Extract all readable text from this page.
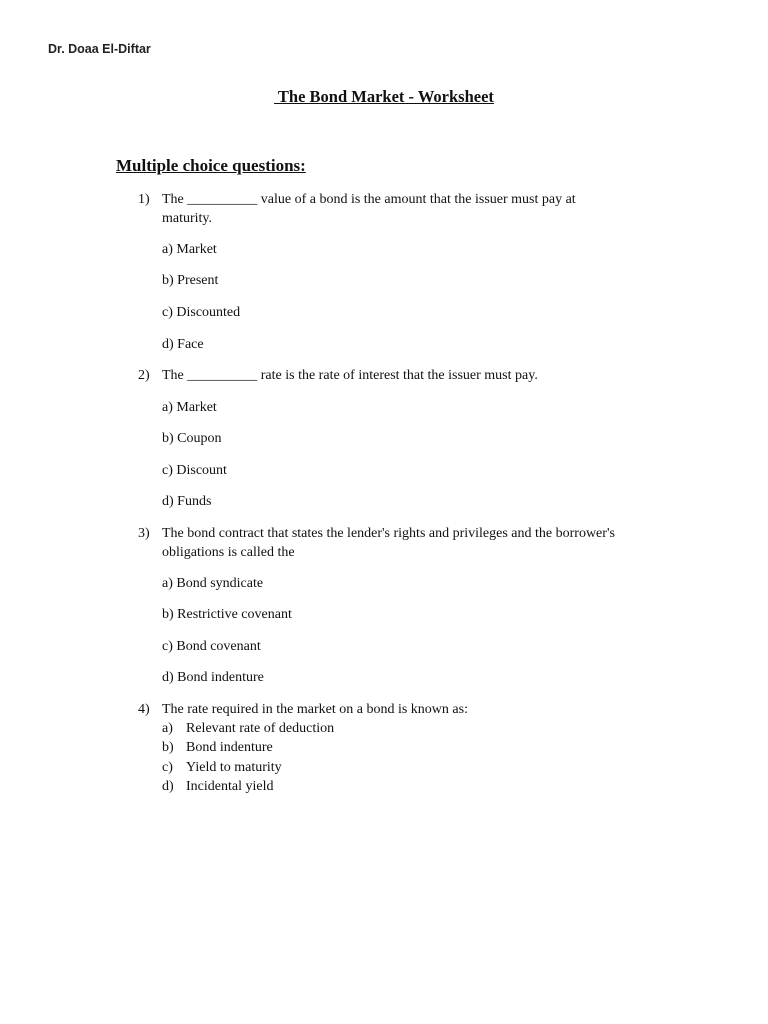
Dr. Doaa El-Diftar
The Bond Market - Worksheet
Multiple choice questions:
1) The __________ value of a bond is the amount that the issuer must pay at maturity.
a) Market
b) Present
c) Discounted
d) Face
2) The __________ rate is the rate of interest that the issuer must pay.
a) Market
b) Coupon
c) Discount
d) Funds
3) The bond contract that states the lender's rights and privileges and the borrower's obligations is called the
a) Bond syndicate
b) Restrictive covenant
c) Bond covenant
d) Bond indenture
4) The rate required in the market on a bond is known as:
a) Relevant rate of deduction
b) Bond indenture
c) Yield to maturity
d) Incidental yield
